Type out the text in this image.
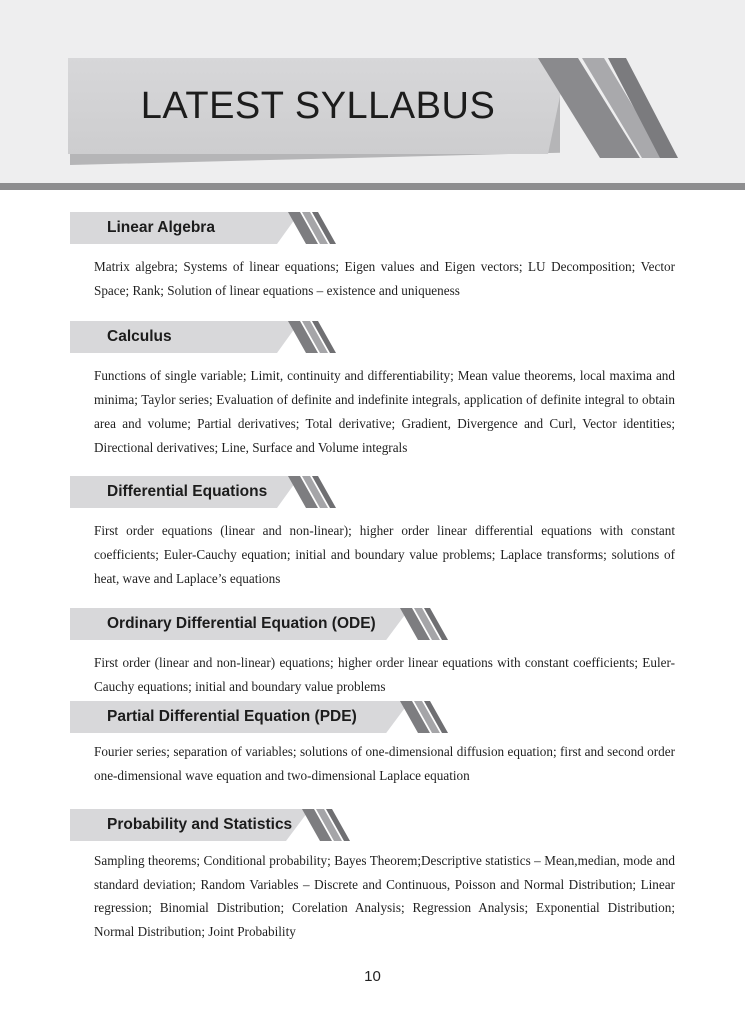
LATEST SYLLABUS
Linear Algebra

Matrix algebra; Systems of linear equations; Eigen values and Eigen vectors; LU Decomposition; Vector Space; Rank; Solution of linear equations – existence and uniqueness

Calculus

Functions of single variable; Limit, continuity and differentiability; Mean value theorems, local maxima and minima; Taylor series; Evaluation of definite and indefinite integrals, application of definite integral to obtain area and volume; Partial derivatives; Total derivative; Gradient, Divergence and Curl, Vector identities; Directional derivatives; Line, Surface and Volume integrals

Differential Equations

First order equations (linear and non-linear); higher order linear differential equations with constant coefficients; Euler-Cauchy equation; initial and boundary value problems; Laplace transforms; solutions of heat, wave and Laplace’s equations

Ordinary Differential Equation (ODE)

First order (linear and non-linear) equations; higher order linear equations with constant coefficients; Euler-Cauchy equations; initial and boundary value problems

Partial Differential Equation (PDE)

Fourier series; separation of variables; solutions of one-dimensional diffusion equation; first and second order one-dimensional wave equation and two-dimensional Laplace equation

Probability and Statistics

Sampling theorems; Conditional probability; Bayes Theorem;Descriptive statistics – Mean,median, mode and standard deviation; Random Variables – Discrete and Continuous, Poisson and Normal Distribution; Linear regression; Binomial Distribution; Corelation Analysis; Regression Analysis; Exponential Distribution; Normal Distribution; Joint Probability

10
